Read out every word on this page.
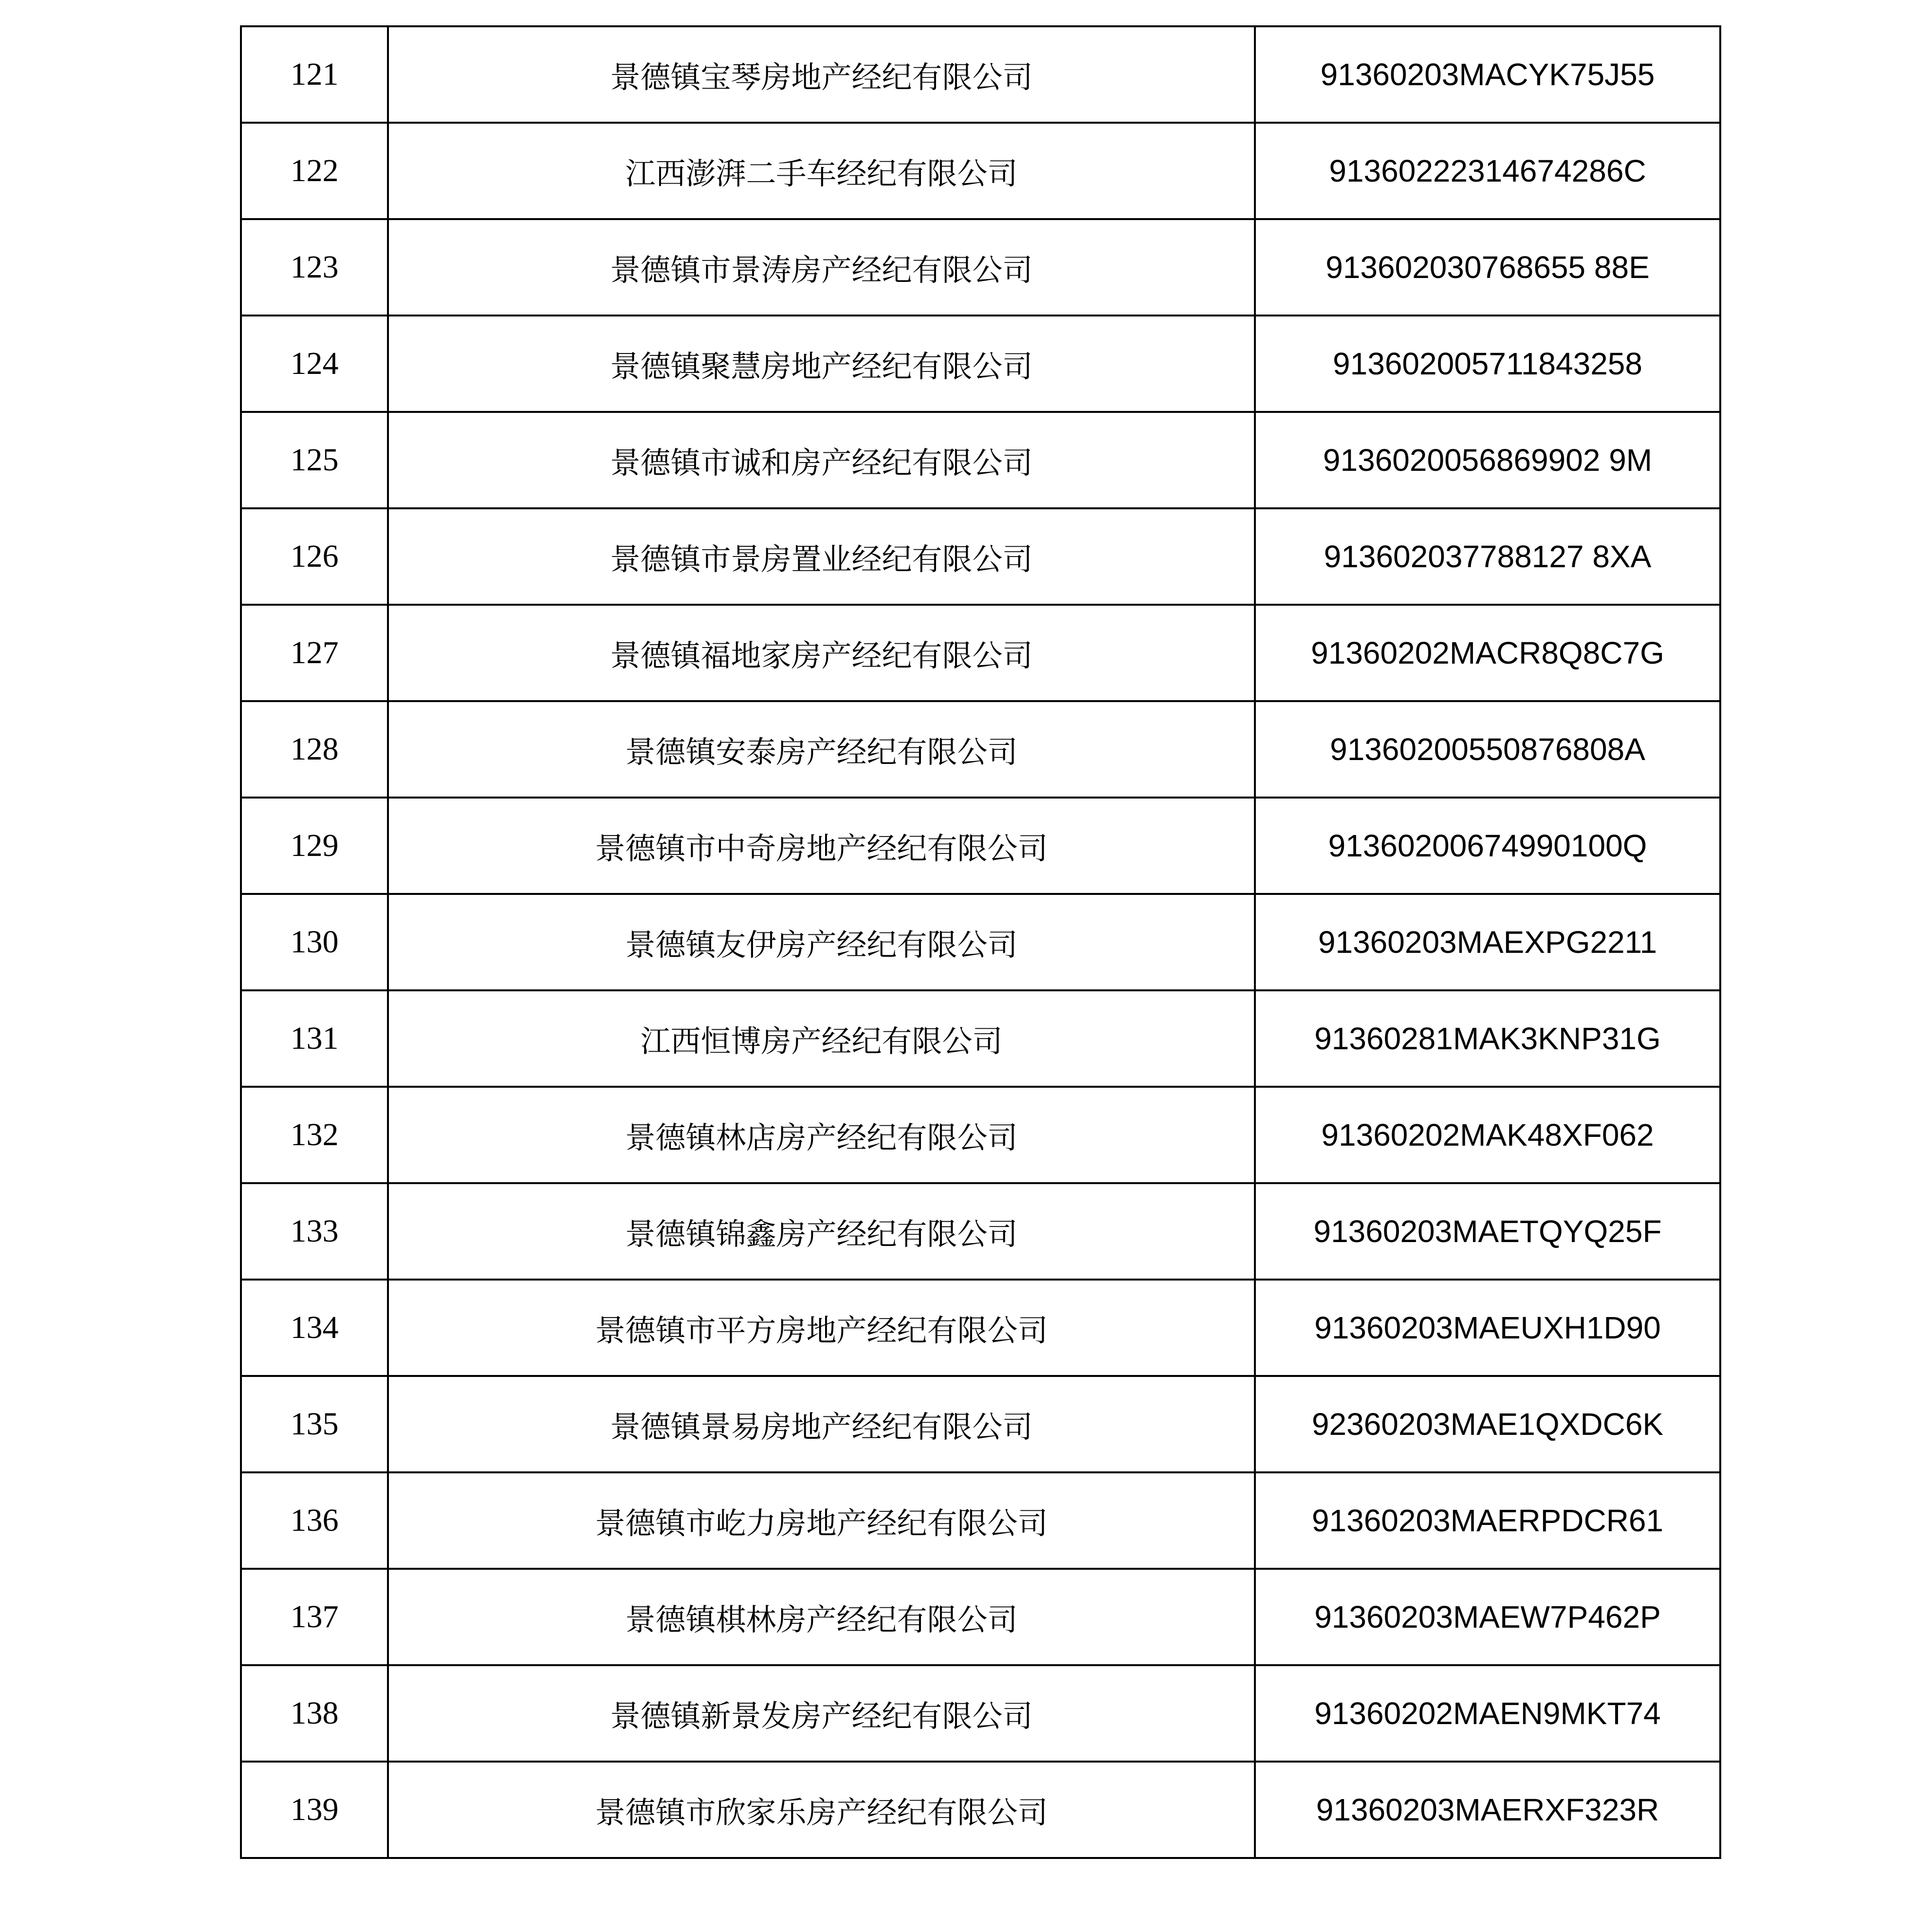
121	景德镇宝琴房地产经纪有限公司	91360203MACYK75J55
122	江西澎湃二手车经纪有限公司	91360222314674286C
123	景德镇市景涛房产经纪有限公司	913602030768655 88E
124	景德镇聚慧房地产经纪有限公司	913602005711843258
125	景德镇市诚和房产经纪有限公司	9136020056869902 9M
126	景德镇市景房置业经纪有限公司	913602037788127 8XA
127	景德镇福地家房产经纪有限公司	91360202MACR8Q8C7G
128	景德镇安泰房产经纪有限公司	91360200550876808A
129	景德镇市中奇房地产经纪有限公司	91360200674990100Q
130	景德镇友伊房产经纪有限公司	91360203MAEXPG2211
131	江西恒博房产经纪有限公司	91360281MAK3KNP31G
132	景德镇林店房产经纪有限公司	91360202MAK48XF062
133	景德镇锦鑫房产经纪有限公司	91360203MAETQYQ25F
134	景德镇市平方房地产经纪有限公司	91360203MAEUXH1D90
135	景德镇景易房地产经纪有限公司	92360203MAE1QXDC6K
136	景德镇市屹力房地产经纪有限公司	91360203MAERPDCR61
137	景德镇棋林房产经纪有限公司	91360203MAEW7P462P
138	景德镇新景发房产经纪有限公司	91360202MAEN9MKT74
139	景德镇市欣家乐房产经纪有限公司	91360203MAERXF323R
